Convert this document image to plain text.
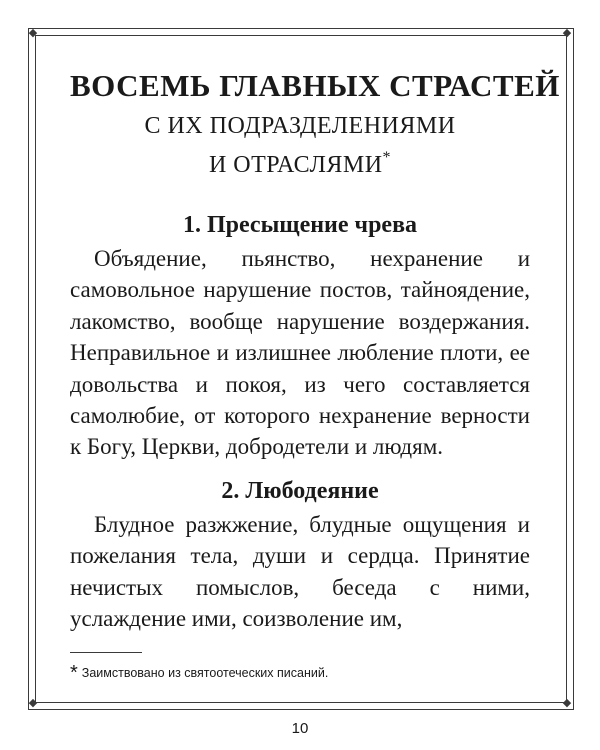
◆	◆
◆	◆
ВОСЕМЬ ГЛАВНЫХ СТРАСТЕЙ
С ИХ ПОДРАЗДЕЛЕНИЯМИ
И ОТРАСЛЯМИ*
1. Пресыщение чрева

Объядение, пьянство, нехранение и самовольное нарушение постов, тайноядение, лакомство, вообще нарушение воздержания. Неправильное и излишнее любление плоти, ее довольства и покоя, из чего составляется самолюбие, от которого нехранение верности к Богу, Церкви, добродетели и людям.

2. Любодеяние

Блудное разжжение, блудные ощущения и пожелания тела, души и сердца. Принятие нечистых помыслов, беседа с ними, услаждение ими, соизволение им,

* Заимствовано из святоотеческих писаний.
10
